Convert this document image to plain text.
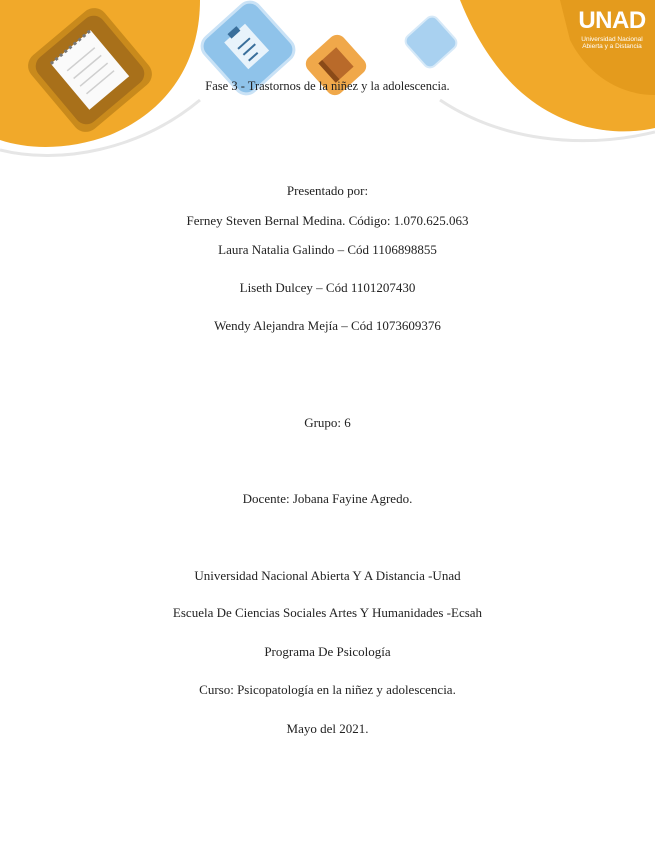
UNAD
Universidad Nacional
Abierta y a Distancia
Fase 3 - Trastornos de la niñez y la adolescencia.
Presentado por:
Ferney Steven Bernal Medina. Código: 1.070.625.063
Laura Natalia Galindo – Cód 1106898855
Liseth Dulcey – Cód 1101207430
Wendy Alejandra Mejía – Cód 1073609376
Grupo: 6
Docente: Jobana Fayine Agredo.
Universidad Nacional Abierta Y A Distancia -Unad
Escuela De Ciencias Sociales Artes Y Humanidades -Ecsah
Programa De Psicología
Curso: Psicopatología en la niñez y adolescencia.
Mayo del 2021.
